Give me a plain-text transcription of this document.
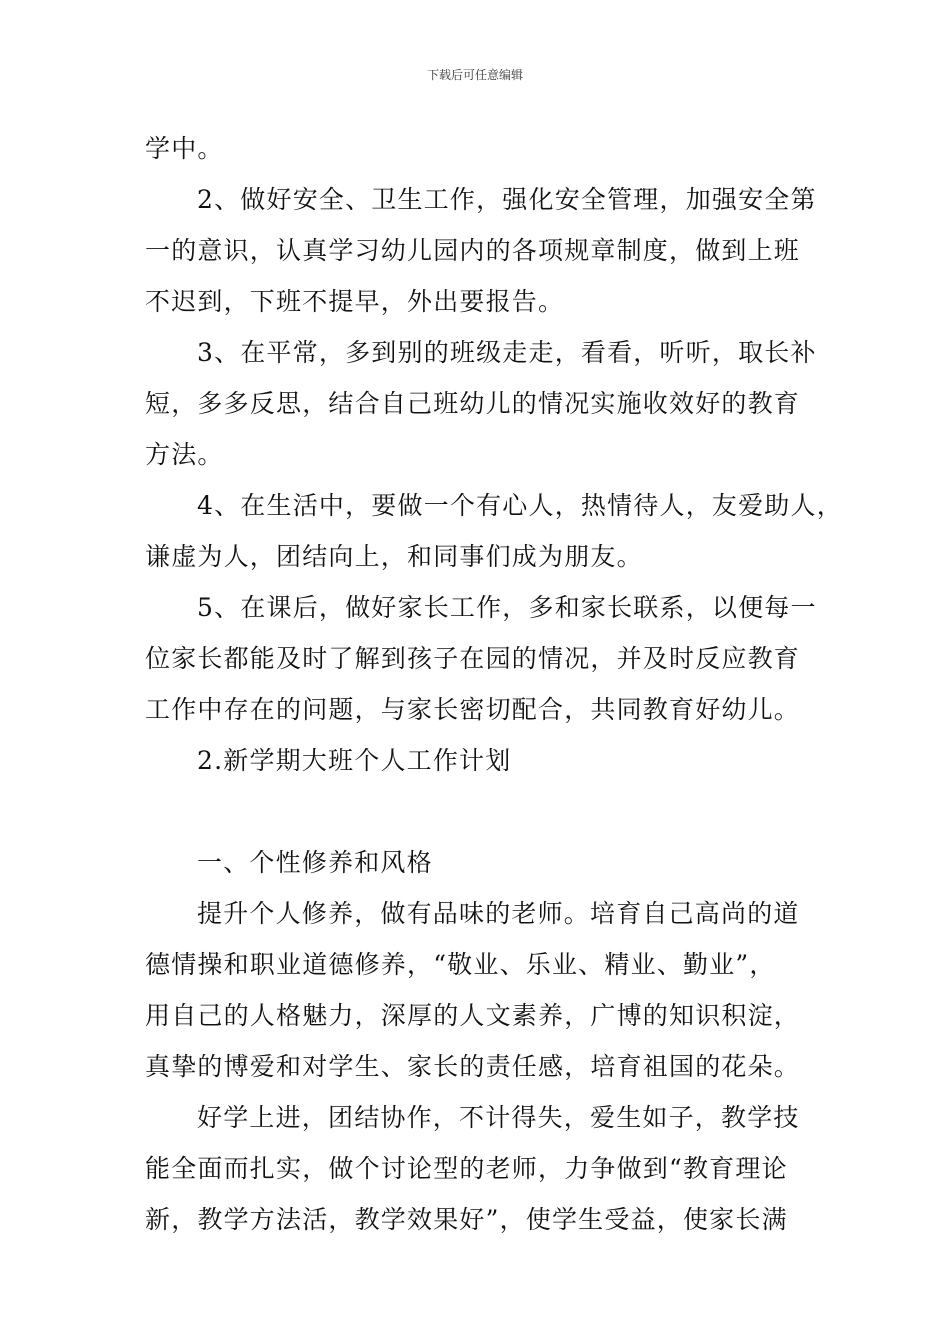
下载后可任意编辑
学中。
2、做好安全、卫生工作，强化安全管理，加强安全第
一的意识，认真学习幼儿园内的各项规章制度，做到上班
不迟到，下班不提早，外出要报告。
3、在平常，多到别的班级走走，看看，听听，取长补
短，多多反思，结合自己班幼儿的情况实施收效好的教育
方法。
4、在生活中，要做一个有心人，热情待人，友爱助人，
谦虚为人，团结向上，和同事们成为朋友。
5、在课后，做好家长工作，多和家长联系，以便每一
位家长都能及时了解到孩子在园的情况，并及时反应教育
工作中存在的问题，与家长密切配合，共同教育好幼儿。
2.新学期大班个人工作计划
一、个性修养和风格
提升个人修养，做有品味的老师。培育自己高尚的道
德情操和职业道德修养，“敬业、乐业、精业、勤业”，
用自己的人格魅力，深厚的人文素养，广博的知识积淀，
真挚的博爱和对学生、家长的责任感，培育祖国的花朵。
好学上进，团结协作，不计得失，爱生如子，教学技
能全面而扎实，做个讨论型的老师，力争做到“教育理论
新，教学方法活，教学效果好”，使学生受益，使家长满
